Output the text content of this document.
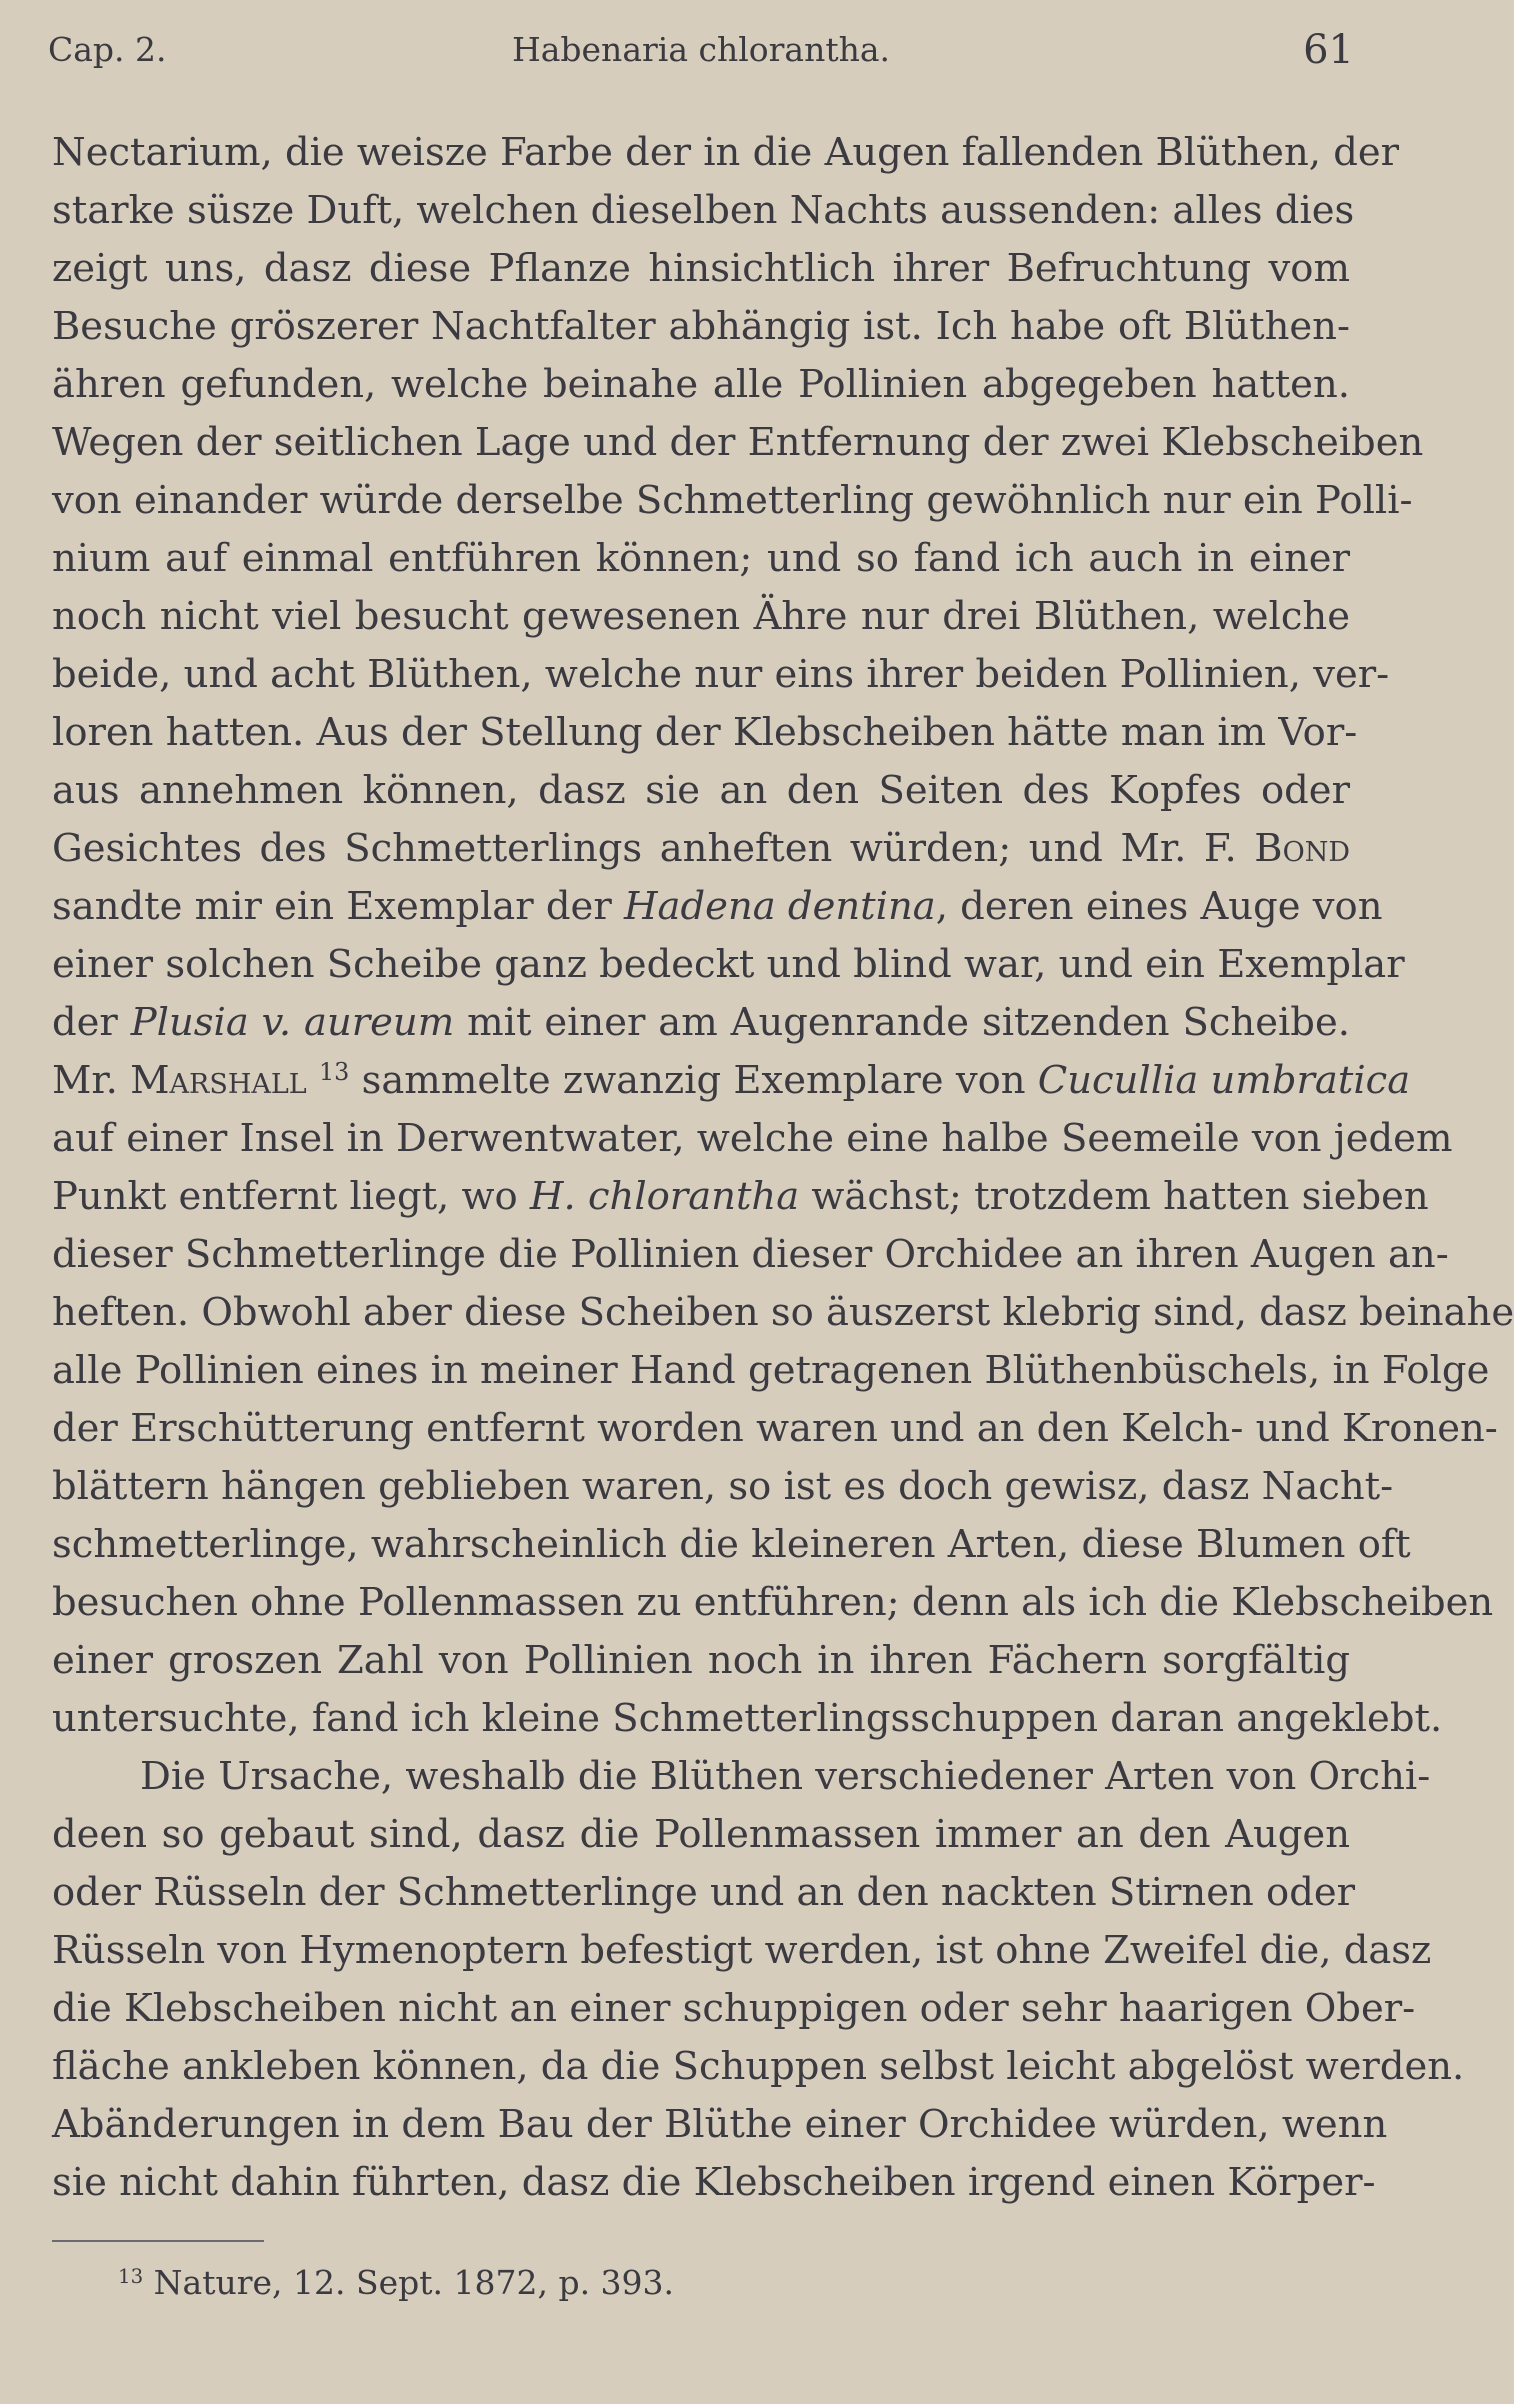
Cap. 2.	Habenaria chlorantha.	61
Nectarium, die weisze Farbe der in die Augen fallenden Blüthen, der
starke süsze Duft, welchen dieselben Nachts aussenden: alles dies
zeigt uns, dasz diese Pflanze hinsichtlich ihrer Befruchtung vom
Besuche gröszerer Nachtfalter abhängig ist. Ich habe oft Blüthen-
ähren gefunden, welche beinahe alle Pollinien abgegeben hatten.
Wegen der seitlichen Lage und der Entfernung der zwei Klebscheiben
von einander würde derselbe Schmetterling gewöhnlich nur ein Polli-
nium auf einmal entführen können; und so fand ich auch in einer
noch nicht viel besucht gewesenen Ähre nur drei Blüthen, welche
beide, und acht Blüthen, welche nur eins ihrer beiden Pollinien, ver-
loren hatten. Aus der Stellung der Klebscheiben hätte man im Vor-
aus annehmen können, dasz sie an den Seiten des Kopfes oder
Gesichtes des Schmetterlings anheften würden; und Mr. F. Bond
sandte mir ein Exemplar der Hadena dentina, deren eines Auge von
einer solchen Scheibe ganz bedeckt und blind war, und ein Exemplar
der Plusia v. aureum mit einer am Augenrande sitzenden Scheibe.
Mr. Marshall $^{13}$ sammelte zwanzig Exemplare von Cucullia umbratica
auf einer Insel in Derwentwater, welche eine halbe Seemeile von jedem
Punkt entfernt liegt, wo H. chlorantha wächst; trotzdem hatten sieben
dieser Schmetterlinge die Pollinien dieser Orchidee an ihren Augen an-
heften. Obwohl aber diese Scheiben so äuszerst klebrig sind, dasz beinahe
alle Pollinien eines in meiner Hand getragenen Blüthenbüschels, in Folge
der Erschütterung entfernt worden waren und an den Kelch- und Kronen-
blättern hängen geblieben waren, so ist es doch gewisz, dasz Nacht-
schmetterlinge, wahrscheinlich die kleineren Arten, diese Blumen oft
besuchen ohne Pollenmassen zu entführen; denn als ich die Klebscheiben
einer groszen Zahl von Pollinien noch in ihren Fächern sorgfältig
untersuchte, fand ich kleine Schmetterlingsschuppen daran angeklebt.
Die Ursache, weshalb die Blüthen verschiedener Arten von Orchi-
deen so gebaut sind, dasz die Pollenmassen immer an den Augen
oder Rüsseln der Schmetterlinge und an den nackten Stirnen oder
Rüsseln von Hymenoptern befestigt werden, ist ohne Zweifel die, dasz
die Klebscheiben nicht an einer schuppigen oder sehr haarigen Ober-
fläche ankleben können, da die Schuppen selbst leicht abgelöst werden.
Abänderungen in dem Bau der Blüthe einer Orchidee würden, wenn
sie nicht dahin führten, dasz die Klebscheiben irgend einen Körper-
$^{13}$ Nature, 12. Sept. 1872, p. 393.
